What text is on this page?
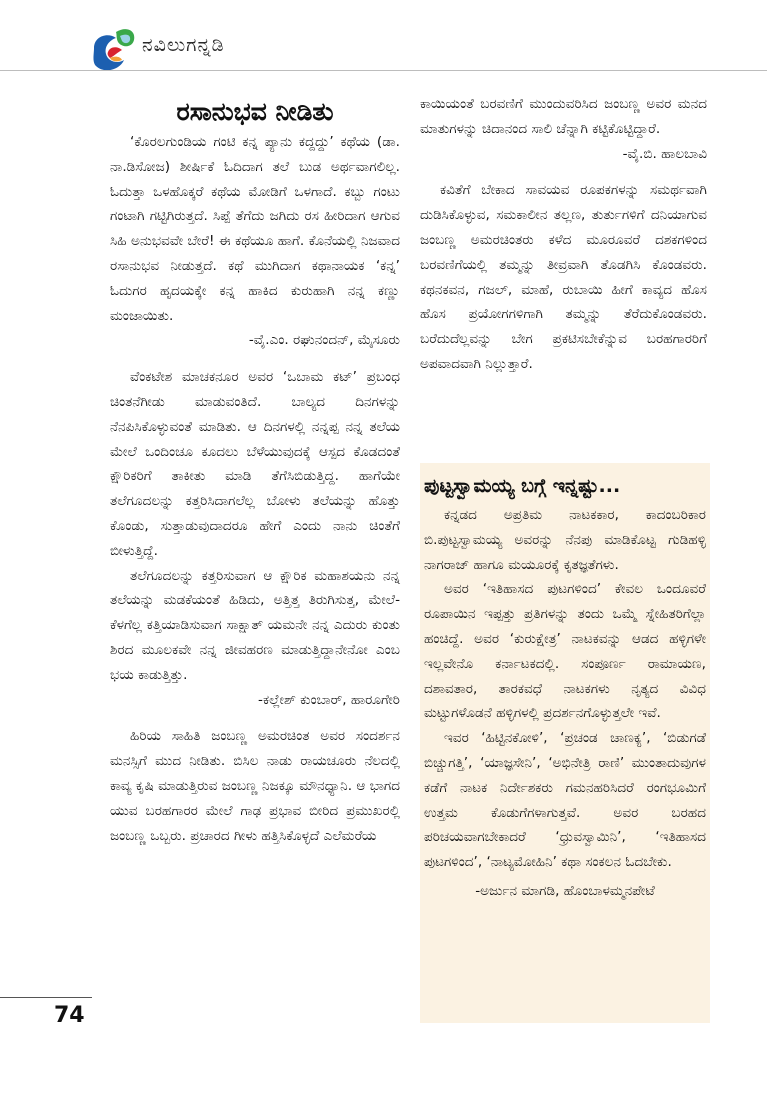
ನವಿಲುಗನ್ನಡಿ
ರಸಾನುಭವ ನೀಡಿತು

‘ಕೊರಲಗುಂಡಿಯ ಗಂಟಿ ಕನ್ನ ಪ್ಯಾನು ಕದ್ದದ್ದು’ ಕಥೆಯ (ಡಾ. ನಾ.ಡಿಸೋಜ) ಶೀರ್ಷಿಕೆ ಓದಿದಾಗ ತಲೆ ಬುಡ ಅರ್ಥವಾಗಲಿಲ್ಲ. ಓದುತ್ತಾ ಒಳಹೊಕ್ಕರೆ ಕಥೆಯ ಮೋಡಿಗೆ ಒಳಗಾದೆ. ಕಬ್ಬು ಗಂಟು ಗಂಟಾಗಿ ಗಟ್ಟಿಗಿರುತ್ತದೆ. ಸಿಪ್ಪೆ ತೆಗೆದು ಜಗಿದು ರಸ ಹೀರಿದಾಗ ಆಗುವ ಸಿಹಿ ಅನುಭವವೇ ಬೇರೆ! ಈ ಕಥೆಯೂ ಹಾಗೆ. ಕೊನೆಯಲ್ಲಿ ನಿಜವಾದ ರಸಾನುಭವ ನೀಡುತ್ತದೆ. ಕಥೆ ಮುಗಿದಾಗ ಕಥಾನಾಯಕ ‘ಕನ್ನ’ ಓದುಗರ ಹೃದಯಕ್ಕೇ ಕನ್ನ ಹಾಕಿದ ಕುರುಹಾಗಿ ನನ್ನ ಕಣ್ಣು ಮಂಜಾಯಿತು.

-ವೈ.ಎಂ. ರಘುನಂದನ್, ಮೈಸೂರು

ವೆಂಕಟೇಶ ಮಾಚಕನೂರ ಅವರ ‘ಒಬಾಮ ಕಟ್’ ಪ್ರಬಂಧ ಚಿಂತನೆಗೀಡು ಮಾಡುವಂತಿದೆ. ಬಾಲ್ಯದ ದಿನಗಳನ್ನು ನೆನಪಿಸಿಕೊಳ್ಳುವಂತೆ ಮಾಡಿತು. ಆ ದಿನಗಳಲ್ಲಿ ನನ್ನಪ್ಪ ನನ್ನ ತಲೆಯ ಮೇಲೆ ಒಂದಿಂಚೂ ಕೂದಲು ಬೆಳೆಯುವುದಕ್ಕೆ ಆಸ್ಪದ ಕೊಡದಂತೆ ಕ್ಷೌರಿಕರಿಗೆ ತಾಕೀತು ಮಾಡಿ ತೆಗೆಸಿಬಿಡುತ್ತಿದ್ದ. ಹಾಗೆಯೇ ತಲೆಗೂದಲನ್ನು ಕತ್ತರಿಸಿದಾಗಲೆಲ್ಲ ಬೋಳು ತಲೆಯನ್ನು ಹೊತ್ತು ಕೊಂಡು, ಸುತ್ತಾಡುವುದಾದರೂ ಹೇಗೆ ಎಂದು ನಾನು ಚಿಂತೆಗೆ ಬೀಳುತ್ತಿದ್ದೆ.

ತಲೆಗೂದಲನ್ನು ಕತ್ತರಿಸುವಾಗ ಆ ಕ್ಷೌರಿಕ ಮಹಾಶಯನು ನನ್ನ ತಲೆಯನ್ನು ಮಡಕೆಯಂತೆ ಹಿಡಿದು, ಅತ್ತಿತ್ತ ತಿರುಗಿಸುತ್ತ, ಮೇಲೆ-ಕೆಳಗೆಲ್ಲ ಕತ್ತಿಯಾಡಿಸುವಾಗ ಸಾಕ್ಷಾತ್ ಯಮನೇ ನನ್ನ ಎದುರು ಕುಂತು ಶಿರದ ಮೂಲಕವೇ ನನ್ನ ಜೀವಹರಣ ಮಾಡುತ್ತಿದ್ದಾನೇನೋ ಎಂಬ ಭಯ ಕಾಡುತ್ತಿತ್ತು.

-ಕಲ್ಲೇಶ್ ಕುಂಬಾರ್, ಹಾರೂಗೇರಿ

ಹಿರಿಯ ಸಾಹಿತಿ ಜಂಬಣ್ಣ ಅಮರಚಿಂತ ಅವರ ಸಂದರ್ಶನ ಮನಸ್ಸಿಗೆ ಮುದ ನೀಡಿತು. ಬಿಸಿಲ ನಾಡು ರಾಯಚೂರು ನೆಲದಲ್ಲಿ ಕಾವ್ಯ ಕೃಷಿ ಮಾಡುತ್ತಿರುವ ಜಂಬಣ್ಣ ನಿಜಕ್ಕೂ ಮೌನಧ್ಯಾನಿ. ಆ ಭಾಗದ ಯುವ ಬರಹಗಾರರ ಮೇಲೆ ಗಾಢ ಪ್ರಭಾವ ಬೀರಿದ ಪ್ರಮುಖರಲ್ಲಿ ಜಂಬಣ್ಣ ಒಬ್ಬರು. ಪ್ರಚಾರದ ಗೀಳು ಹತ್ತಿಸಿಕೊಳ್ಳದೆ ಎಲೆಮರೆಯ

ಕಾಯಿಯಂತೆ ಬರವಣಿಗೆ ಮುಂದುವರಿಸಿದ ಜಂಬಣ್ಣ ಅವರ ಮನದ ಮಾತುಗಳನ್ನು ಚಿದಾನಂದ ಸಾಲಿ ಚೆನ್ನಾಗಿ ಕಟ್ಟಿಕೊಟ್ಟಿದ್ದಾರೆ.

-ವೈ.ಬಿ. ಹಾಲಬಾವಿ

ಕವಿತೆಗೆ ಬೇಕಾದ ಸಾವಯವ ರೂಪಕಗಳನ್ನು ಸಮರ್ಥವಾಗಿ ದುಡಿಸಿಕೊಳ್ಳುವ, ಸಮಕಾಲೀನ ತಲ್ಲಣ, ತುರ್ತುಗಳಿಗೆ ದನಿಯಾಗುವ ಜಂಬಣ್ಣ ಅಮರಚಿಂತರು ಕಳೆದ ಮೂರೂವರೆ ದಶಕಗಳಿಂದ ಬರವಣಿಗೆಯಲ್ಲಿ ತಮ್ಮನ್ನು ತೀವ್ರವಾಗಿ ತೊಡಗಿಸಿ ಕೊಂಡವರು. ಕಥನಕವನ, ಗಜಲ್, ಮಾಹೆ, ರುಬಾಯಿ ಹೀಗೆ ಕಾವ್ಯದ ಹೊಸ ಹೊಸ ಪ್ರಯೋಗಗಳಿಗಾಗಿ ತಮ್ಮನ್ನು ತೆರೆದುಕೊಂಡವರು. ಬರೆದುದೆಲ್ಲವನ್ನು ಬೇಗ ಪ್ರಕಟಿಸಬೇಕೆನ್ನುವ ಬರಹಗಾರರಿಗೆ ಅಪವಾದವಾಗಿ ನಿಲ್ಲುತ್ತಾರೆ.

ಪುಟ್ಟಸ್ವಾಮಯ್ಯ ಬಗ್ಗೆ ಇನ್ನಷ್ಟು...

ಕನ್ನಡದ ಅಪ್ರತಿಮ ನಾಟಕಕಾರ, ಕಾದಂಬರಿಕಾರ ಬಿ.ಪುಟ್ಟಸ್ವಾಮಯ್ಯ ಅವರನ್ನು ನೆನಪು ಮಾಡಿಕೊಟ್ಟ ಗುಡಿಹಳ್ಳಿ ನಾಗರಾಜ್ ಹಾಗೂ ಮಯೂರಕ್ಕೆ ಕೃತಜ್ಞತೆಗಳು.

ಅವರ ‘ಇತಿಹಾಸದ ಪುಟಗಳಿಂದ’ ಕೇವಲ ಒಂದೂವರೆ ರೂಪಾಯಿನ ಇಪ್ಪತ್ತು ಪ್ರತಿಗಳನ್ನು ತಂದು ಒಮ್ಮೆ ಸ್ನೇಹಿತರಿಗೆಲ್ಲಾ ಹಂಚಿದ್ದೆ. ಅವರ ‘ಕುರುಕ್ಷೇತ್ರ’ ನಾಟಕವನ್ನು ಆಡದ ಹಳ್ಳಿಗಳೇ ಇಲ್ಲವೇನೊ ಕರ್ನಾಟಕದಲ್ಲಿ. ಸಂಪೂರ್ಣ ರಾಮಾಯಣ, ದಶಾವತಾರ, ತಾರಕವಧೆ ನಾಟಕಗಳು ನೃತ್ಯದ ವಿವಿಧ ಮಟ್ಟುಗಳೊಡನೆ ಹಳ್ಳಿಗಳಲ್ಲಿ ಪ್ರದರ್ಶನಗೊಳ್ಳುತ್ತಲೇ ಇವೆ.

ಇವರ ‘ಹಿಟ್ಟಿನಕೋಳಿ’, ‘ಪ್ರಚಂಡ ಚಾಣಕ್ಯ’, ‘ಬಿಡುಗಡೆ ಬಿಚ್ಚುಗತ್ತಿ’, ‘ಯಾಜ್ಞಸೇನಿ’, ‘ಅಭಿನೇತ್ರಿ ರಾಣಿ’ ಮುಂತಾದುವುಗಳ ಕಡೆಗೆ ನಾಟಕ ನಿರ್ದೇಶಕರು ಗಮನಹರಿಸಿದರೆ ರಂಗಭೂಮಿಗೆ ಉತ್ತಮ ಕೊಡುಗೆಗಳಾಗುತ್ತವೆ. ಅವರ ಬರಹದ ಪರಿಚಯವಾಗಬೇಕಾದರೆ ‘ಧ್ರುವಸ್ವಾಮಿನಿ’, ‘ಇತಿಹಾಸದ ಪುಟಗಳಿಂದ’, ‘ನಾಟ್ಯಮೋಹಿನಿ’ ಕಥಾ ಸಂಕಲನ ಓದಬೇಕು.

-ಅರ್ಜುನ ಮಾಗಡಿ, ಹೊಂಬಾಳಮ್ಮನಪೇಟೆ

74
